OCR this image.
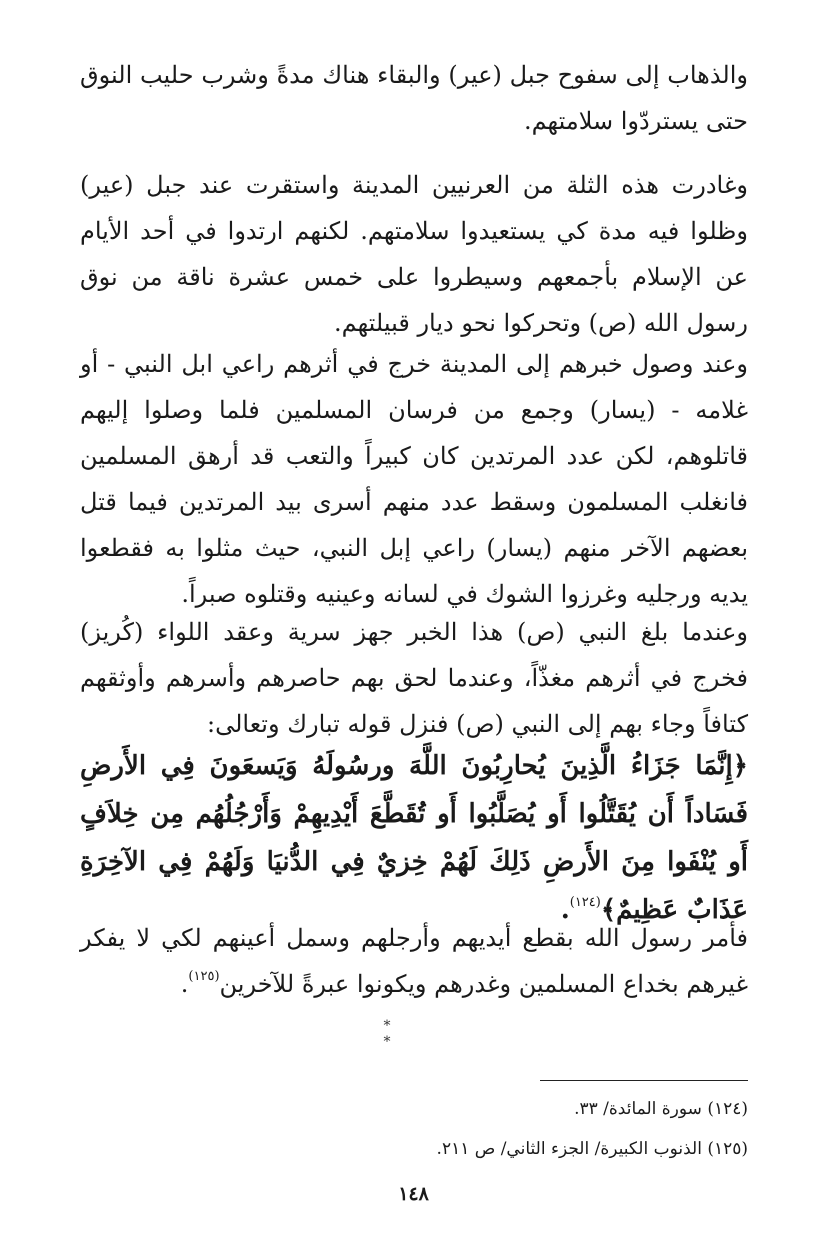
والذهاب إلى سفوح جبل (عير) والبقاء هناك مدةً وشرب حليب النوق حتى يستردّوا سلامتهم.

وغادرت هذه الثلة من العرنيين المدينة واستقرت عند جبل (عير) وظلوا فيه مدة كي يستعيدوا سلامتهم. لكنهم ارتدوا في أحد الأيام عن الإسلام بأجمعهم وسيطروا على خمس عشرة ناقة من نوق رسول الله (ص) وتحركوا نحو ديار قبيلتهم.

وعند وصول خبرهم إلى المدينة خرج في أثرهم راعي ابل النبي - أو غلامه - (يسار) وجمع من فرسان المسلمين فلما وصلوا إليهم قاتلوهم، لكن عدد المرتدين كان كبيراً والتعب قد أرهق المسلمين فانغلب المسلمون وسقط عدد منهم أسرى بيد المرتدين فيما قتل بعضهم الآخر منهم (يسار) راعي إبل النبي، حيث مثلوا به فقطعوا يديه ورجليه وغرزوا الشوك في لسانه وعينيه وقتلوه صبراً.

وعندما بلغ النبي (ص) هذا الخبر جهز سرية وعقد اللواء (كُريز) فخرج في أثرهم مغذّاً، وعندما لحق بهم حاصرهم وأسرهم وأوثقهم كتافاً وجاء بهم إلى النبي (ص) فنزل قوله تبارك وتعالى:

﴿إِنَّمَا جَزَاءُ الَّذِينَ يُحارِبُونَ اللَّهَ ورسُولَهُ وَيَسعَونَ فِي الأَرضِ فَسَاداً أَن يُقَتَّلُوا أَو يُصَلَّبُوا أَو تُقَطَّعَ أَيْدِيهِمْ وَأَرْجُلُهُم مِن خِلاَفٍ أَو يُنْفَوا مِنَ الأَرضِ ذَلِكَ لَهُمْ خِزيٌ فِي الدُّنيَا وَلَهُمْ فِي الآخِرَةِ عَذَابٌ عَظِيمٌ﴾$^{(١٢٤)}$.

فأمر رسول الله بقطع أيديهم وأرجلهم وسمل أعينهم لكي لا يفكر غيرهم بخداع المسلمين وغدرهم ويكونوا عبرةً للآخرين$^{(١٢٥)}$.

* *

(١٢٤) سورة المائدة/ ٣٣.

(١٢٥) الذنوب الكبيرة/ الجزء الثاني/ ص ٢١١.

١٤٨
